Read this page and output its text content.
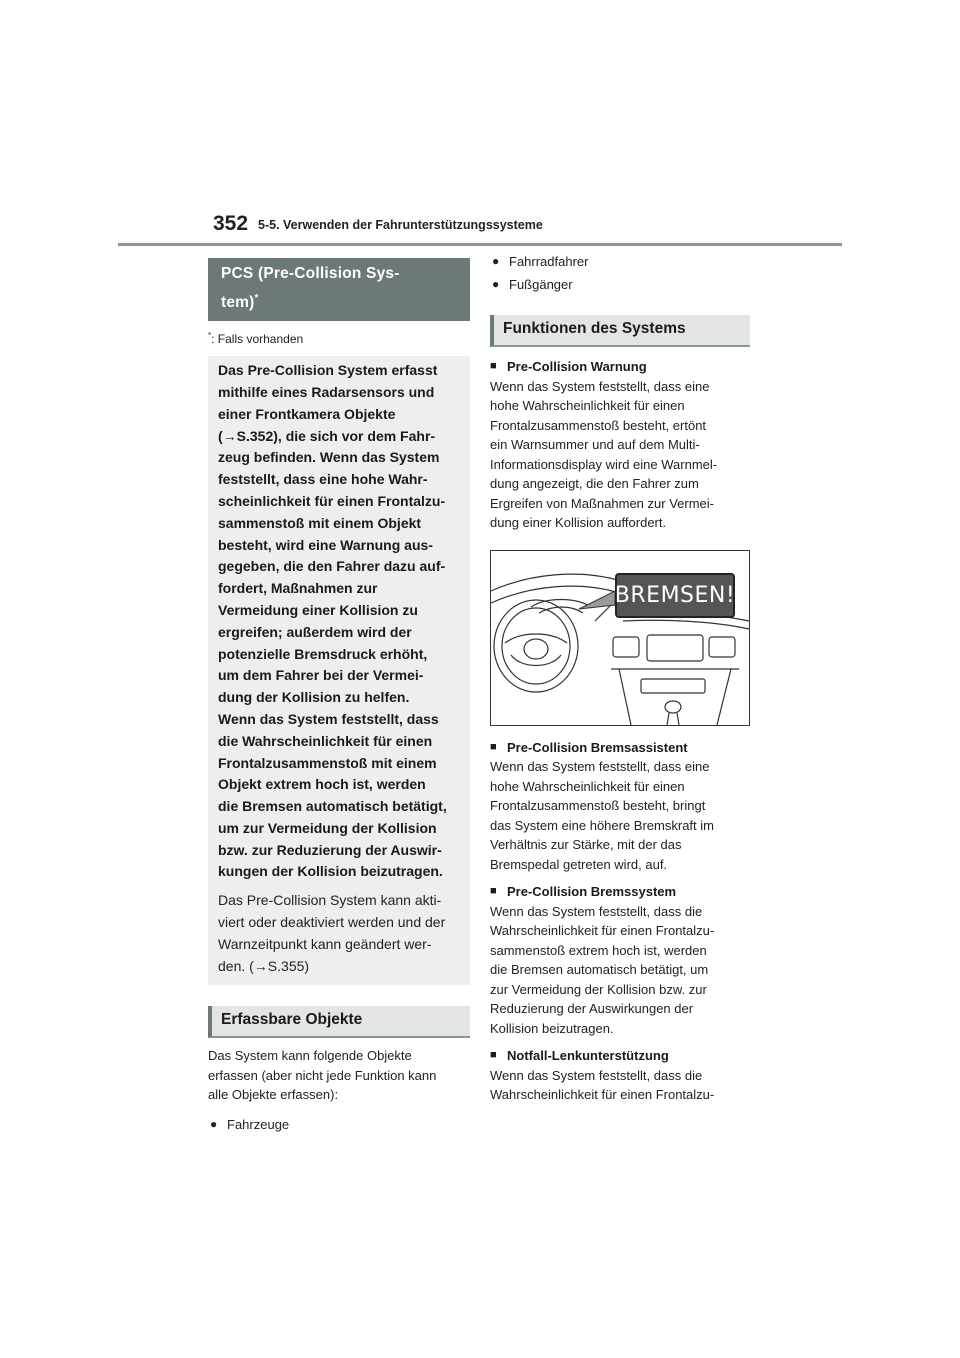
352 5-5. Verwenden der Fahrunterstützungssysteme
PCS (Pre-Collision Sys-
tem)*
*: Falls vorhanden
Das Pre-Collision System erfasst
mithilfe eines Radarsensors und
einer Frontkamera Objekte
(→S.352), die sich vor dem Fahr-
zeug befinden. Wenn das System
feststellt, dass eine hohe Wahr-
scheinlichkeit für einen Frontalzu-
sammenstoß mit einem Objekt
besteht, wird eine Warnung aus-
gegeben, die den Fahrer dazu auf-
fordert, Maßnahmen zur
Vermeidung einer Kollision zu
ergreifen; außerdem wird der
potenzielle Bremsdruck erhöht,
um dem Fahrer bei der Vermei-
dung der Kollision zu helfen.
Wenn das System feststellt, dass
die Wahrscheinlichkeit für einen
Frontalzusammenstoß mit einem
Objekt extrem hoch ist, werden
die Bremsen automatisch betätigt,
um zur Vermeidung der Kollision
bzw. zur Reduzierung der Auswir-
kungen der Kollision beizutragen.
Das Pre-Collision System kann akti-
viert oder deaktiviert werden und der
Warnzeitpunkt kann geändert wer-
den. (→S.355)
Erfassbare Objekte
Das System kann folgende Objekte
erfassen (aber nicht jede Funktion kann
alle Objekte erfassen):
● Fahrzeuge
● Fahrradfahrer
● Fußgänger
Funktionen des Systems
■ Pre-Collision Warnung
Wenn das System feststellt, dass eine
hohe Wahrscheinlichkeit für einen
Frontalzusammenstoß besteht, ertönt
ein Warnsummer und auf dem Multi-
Informationsdisplay wird eine Warnmel-
dung angezeigt, die den Fahrer zum
Ergreifen von Maßnahmen zur Vermei-
dung einer Kollision auffordert.
BREMSEN!
■ Pre-Collision Bremsassistent
Wenn das System feststellt, dass eine
hohe Wahrscheinlichkeit für einen
Frontalzusammenstoß besteht, bringt
das System eine höhere Bremskraft im
Verhältnis zur Stärke, mit der das
Bremspedal getreten wird, auf.
■ Pre-Collision Bremssystem
Wenn das System feststellt, dass die
Wahrscheinlichkeit für einen Frontalzu-
sammenstoß extrem hoch ist, werden
die Bremsen automatisch betätigt, um
zur Vermeidung der Kollision bzw. zur
Reduzierung der Auswirkungen der
Kollision beizutragen.
■ Notfall-Lenkunterstützung
Wenn das System feststellt, dass die
Wahrscheinlichkeit für einen Frontalzu-
